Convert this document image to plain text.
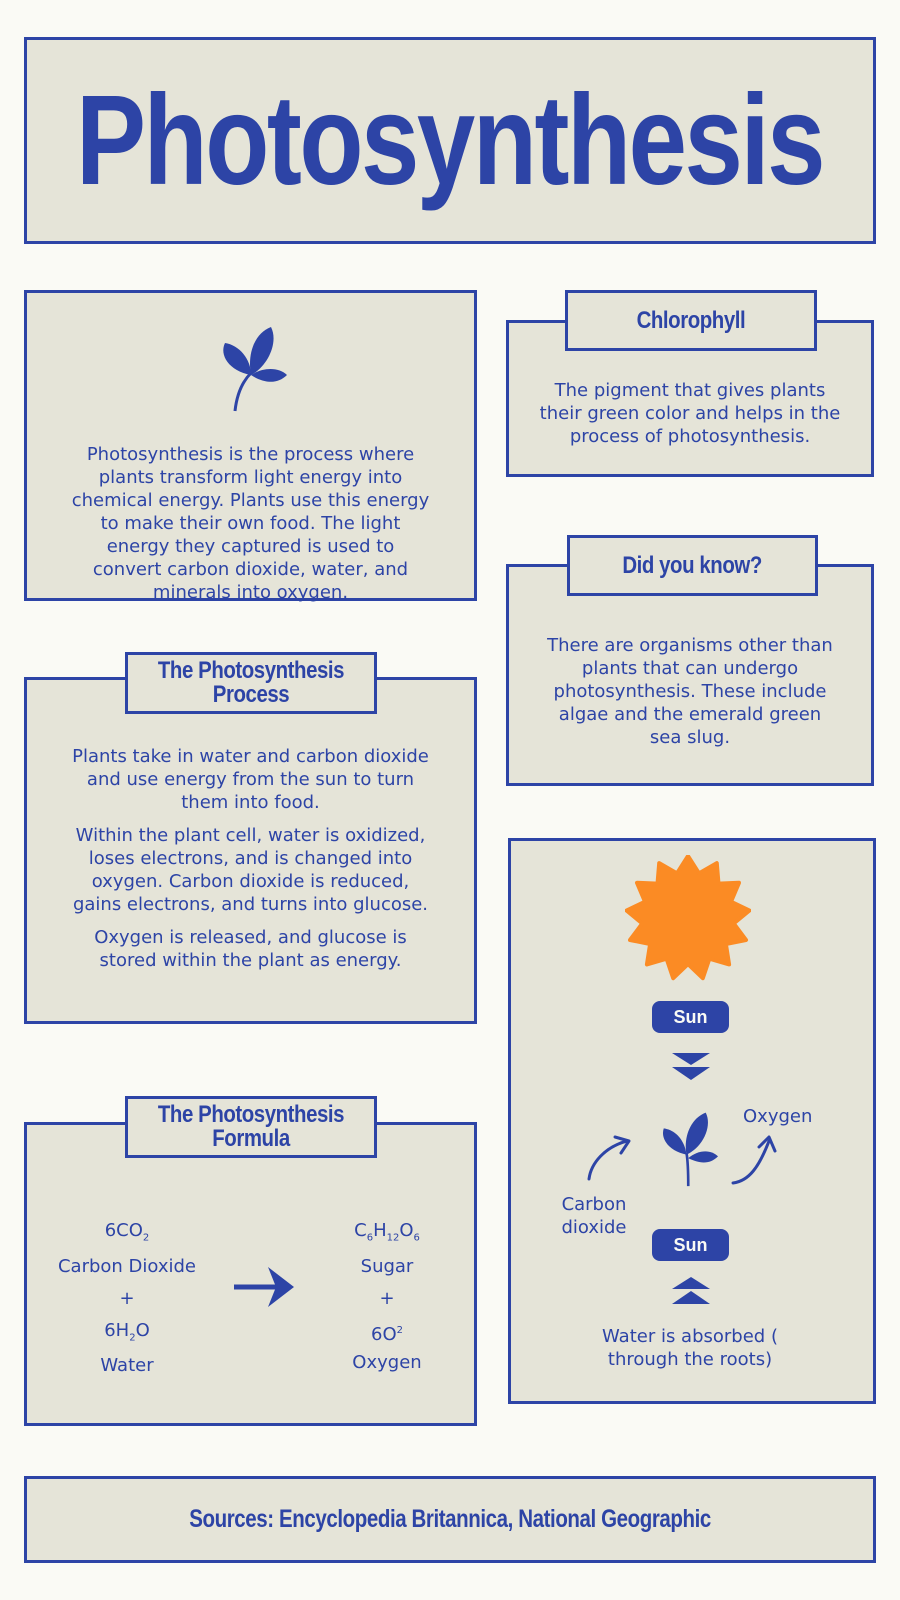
Photosynthesis
Photosynthesis is the process where plants transform light energy into chemical energy. Plants use this energy to make their own food. The light energy they captured is used to convert carbon dioxide, water, and minerals into oxygen.
The pigment that gives plants their green color and helps in the process of photosynthesis.
Chlorophyll
There are organisms other than plants that can undergo photosynthesis. These include algae and the emerald green sea slug.
Did you know?

Plants take in water and carbon dioxide and use energy from the sun to turn them into food.

Within the plant cell, water is oxidized, loses electrons, and is changed into oxygen. Carbon dioxide is reduced, gains electrons, and turns into glucose.

Oxygen is released, and glucose is stored within the plant as energy.

The Photosynthesis Process
$6CO_2$
Carbon Dioxide
+
$6H_2O$
Water
$C_6H_{12}O_6$
Sugar
+
$6O^2$
Oxygen
The Photosynthesis Formula
Sun
Oxygen
Carbon dioxide
Sun
Water is absorbed ( through the roots)
Sources: Encyclopedia Britannica, National Geographic
